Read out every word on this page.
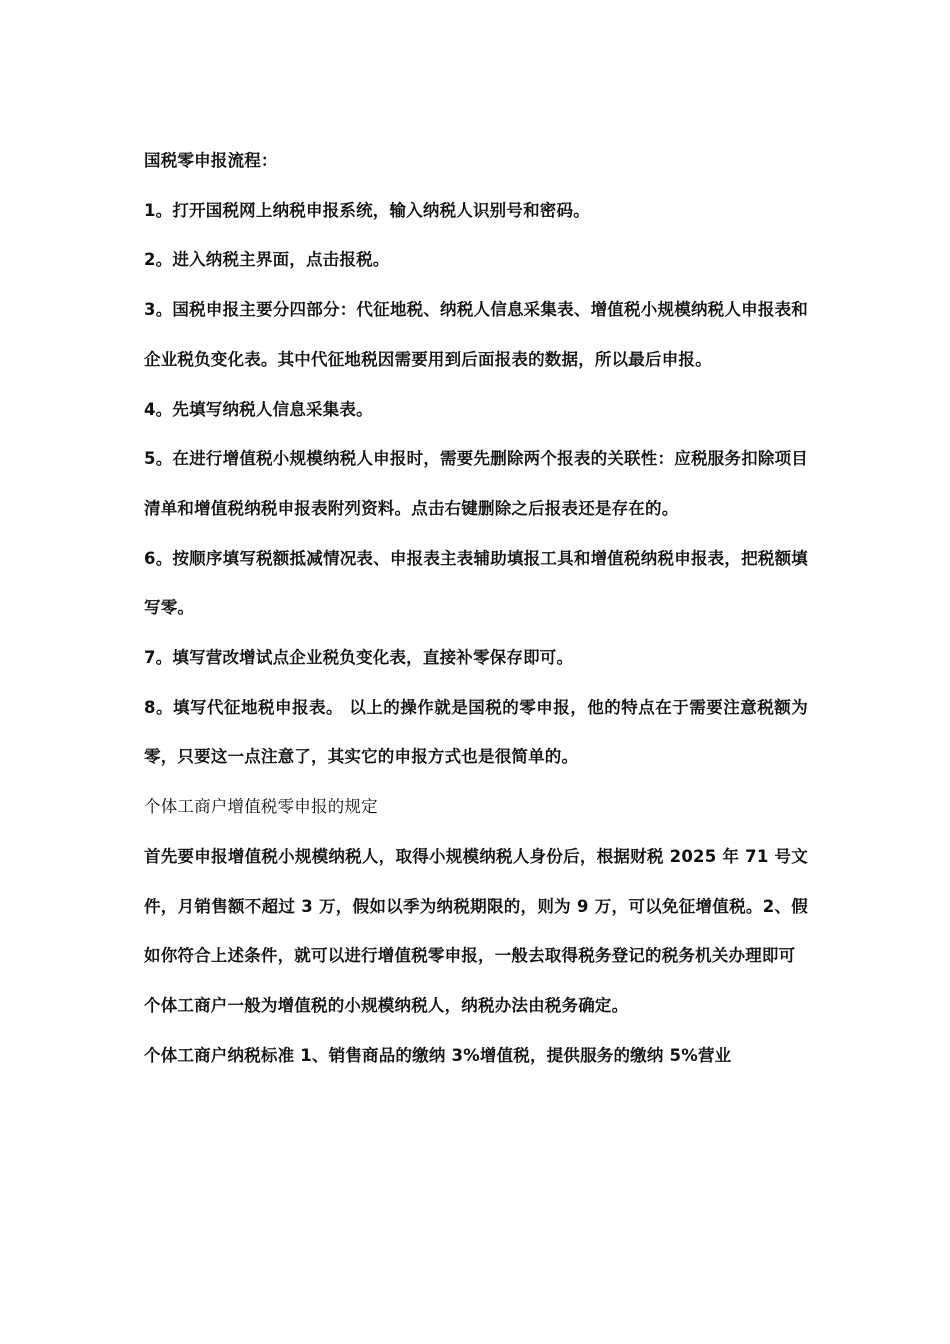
国税零申报流程：

1。打开国税网上纳税申报系统，输入纳税人识别号和密码。

2。进入纳税主界面，点击报税。

3。国税申报主要分四部分：代征地税、纳税人信息采集表、增值税小规模纳税人申报表和企业税负变化表。其中代征地税因需要用到后面报表的数据，所以最后申报。

4。先填写纳税人信息采集表。

5。在进行增值税小规模纳税人申报时，需要先删除两个报表的关联性：应税服务扣除项目清单和增值税纳税申报表附列资料。点击右键删除之后报表还是存在的。

6。按顺序填写税额抵减情况表、申报表主表辅助填报工具和增值税纳税申报表，把税额填写零。

7。填写营改增试点企业税负变化表，直接补零保存即可。

8。填写代征地税申报表。 以上的操作就是国税的零申报，他的特点在于需要注意税额为零，只要这一点注意了，其实它的申报方式也是很简单的。

个体工商户增值税零申报的规定

首先要申报增值税小规模纳税人，取得小规模纳税人身份后，根据财税 2025 年 71 号文件，月销售额不超过 3 万，假如以季为纳税期限的，则为 9 万，可以免征增值税。2、假如你符合上述条件，就可以进行增值税零申报，一般去取得税务登记的税务机关办理即可

个体工商户一般为增值税的小规模纳税人，纳税办法由税务确定。

个体工商户纳税标准 1、销售商品的缴纳 3%增值税，提供服务的缴纳 5%营业
